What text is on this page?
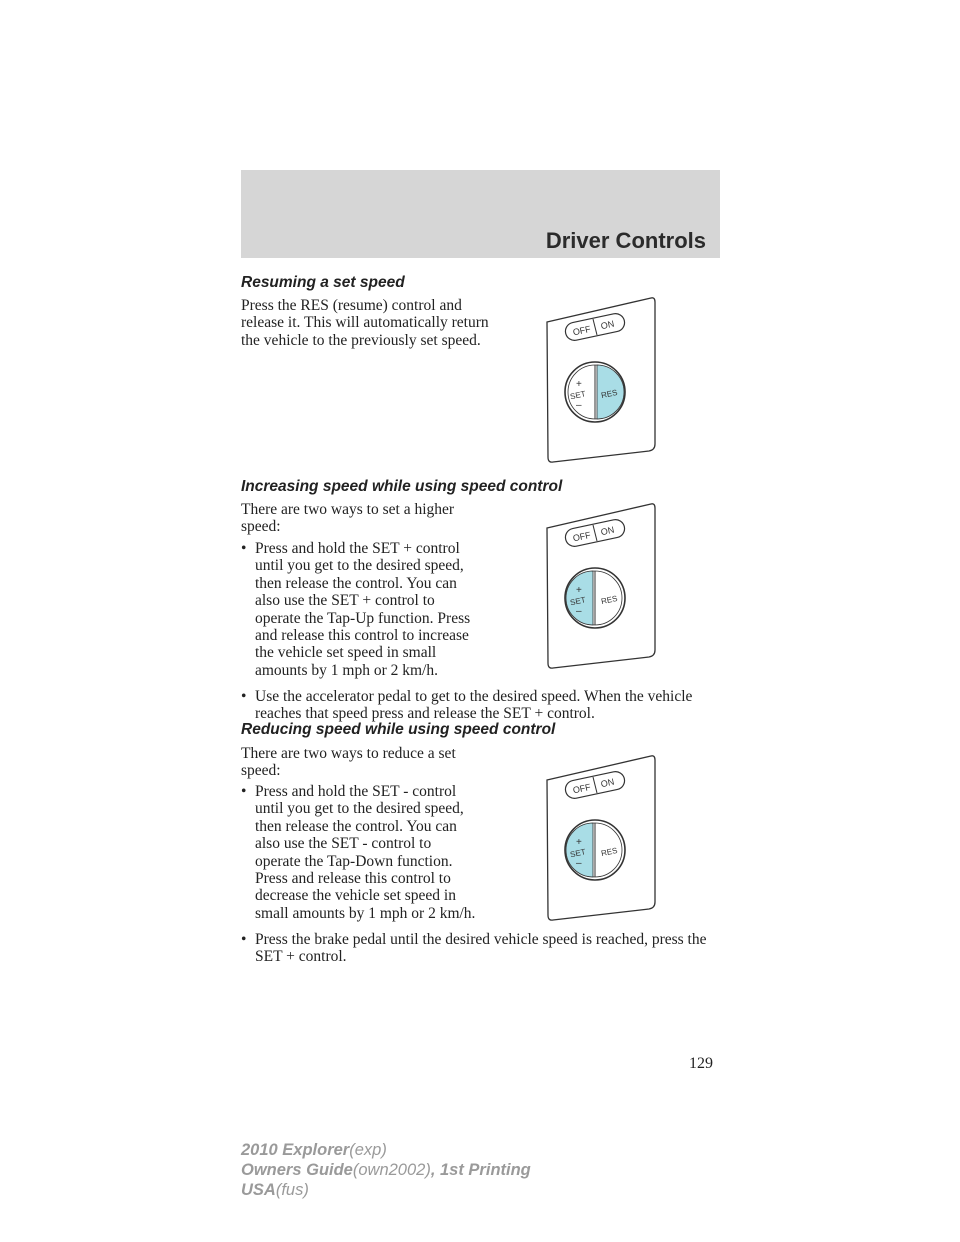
Driver Controls
Resuming a set speed

Press the RES (resume) control and release it. This will automatically return the vehicle to the previously set speed.

OFF ON
+
SET
–
RES
Increasing speed while using speed control

There are two ways to set a higher speed:

• Press and hold the SET + control until you get to the desired speed, then release the control. You can also use the SET + control to operate the Tap-Up function. Press and release this control to increase the vehicle set speed in small amounts by 1 mph or 2 km/h.
• Use the accelerator pedal to get to the desired speed. When the vehicle reaches that speed press and release the SET + control.
OFF ON
+
SET
–
RES
Reducing speed while using speed control

There are two ways to reduce a set speed:

• Press and hold the SET - control until you get to the desired speed, then release the control. You can also use the SET - control to operate the Tap-Down function. Press and release this control to decrease the vehicle set speed in small amounts by 1 mph or 2 km/h.
• Press the brake pedal until the desired vehicle speed is reached, press the SET + control.
OFF ON
+
SET
–
RES
129
2010 Explorer(exp)
Owners Guide(own2002), 1st Printing
USA(fus)
